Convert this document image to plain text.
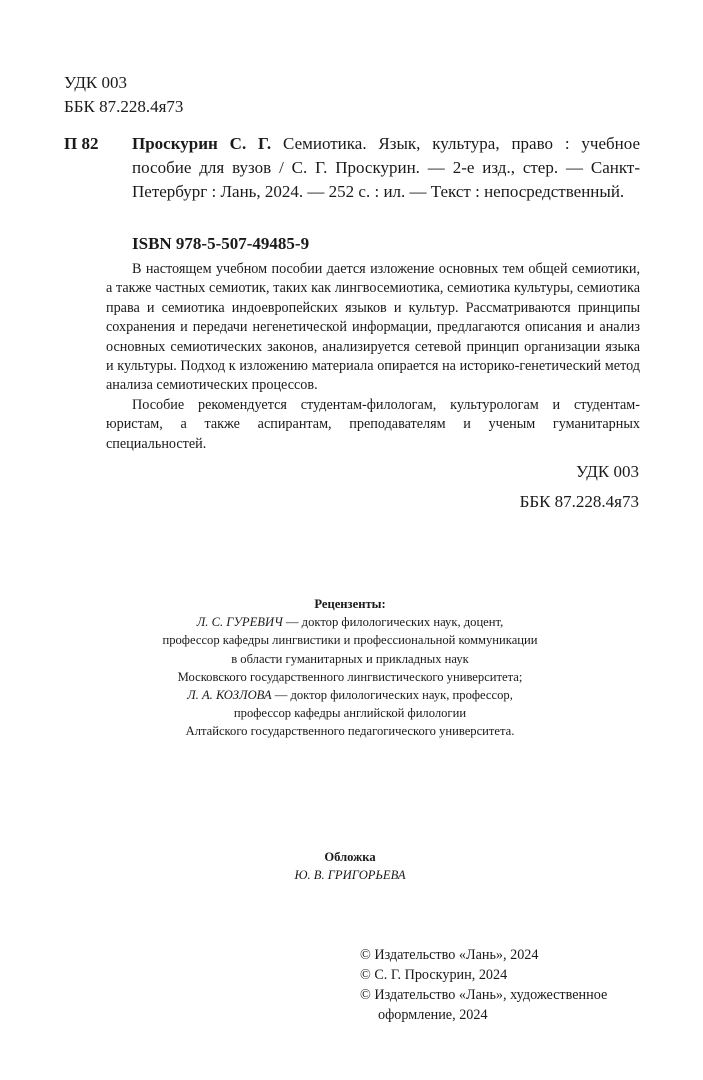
УДК 003
ББК 87.228.4я73
П 82 Проскурин С. Г. Семиотика. Язык, культура, право : учебное пособие для вузов / С. Г. Проскурин. — 2-е изд., стер. — Санкт-Петербург : Лань, 2024. — 252 с. : ил. — Текст : непосредственный.
ISBN 978-5-507-49485-9

В настоящем учебном пособии дается изложение основных тем общей семиотики, а также частных семиотик, таких как лингвосемиотика, семиотика культуры, семиотика права и семиотика индоевропейских языков и культур. Рассматриваются принципы сохранения и передачи негенетической информации, предлагаются описания и анализ основных семиотических законов, анализируется сетевой принцип организации языка и культуры. Подход к изложению материала опирается на историко-генетический метод анализа семиотических процессов.

Пособие рекомендуется студентам-филологам, культурологам и студентам-юристам, а также аспирантам, преподавателям и ученым гуманитарных специальностей.

УДК 003
ББК 87.228.4я73
Рецензенты:
Л. С. ГУРЕВИЧ — доктор филологических наук, доцент,
профессор кафедры лингвистики и профессиональной коммуникации
в области гуманитарных и прикладных наук
Московского государственного лингвистического университета;
Л. А. КОЗЛОВА — доктор филологических наук, профессор,
профессор кафедры английской филологии
Алтайского государственного педагогического университета.
Обложка
Ю. В. ГРИГОРЬЕВА
© Издательство «Лань», 2024
© С. Г. Проскурин, 2024
© Издательство «Лань», художественное оформление, 2024
